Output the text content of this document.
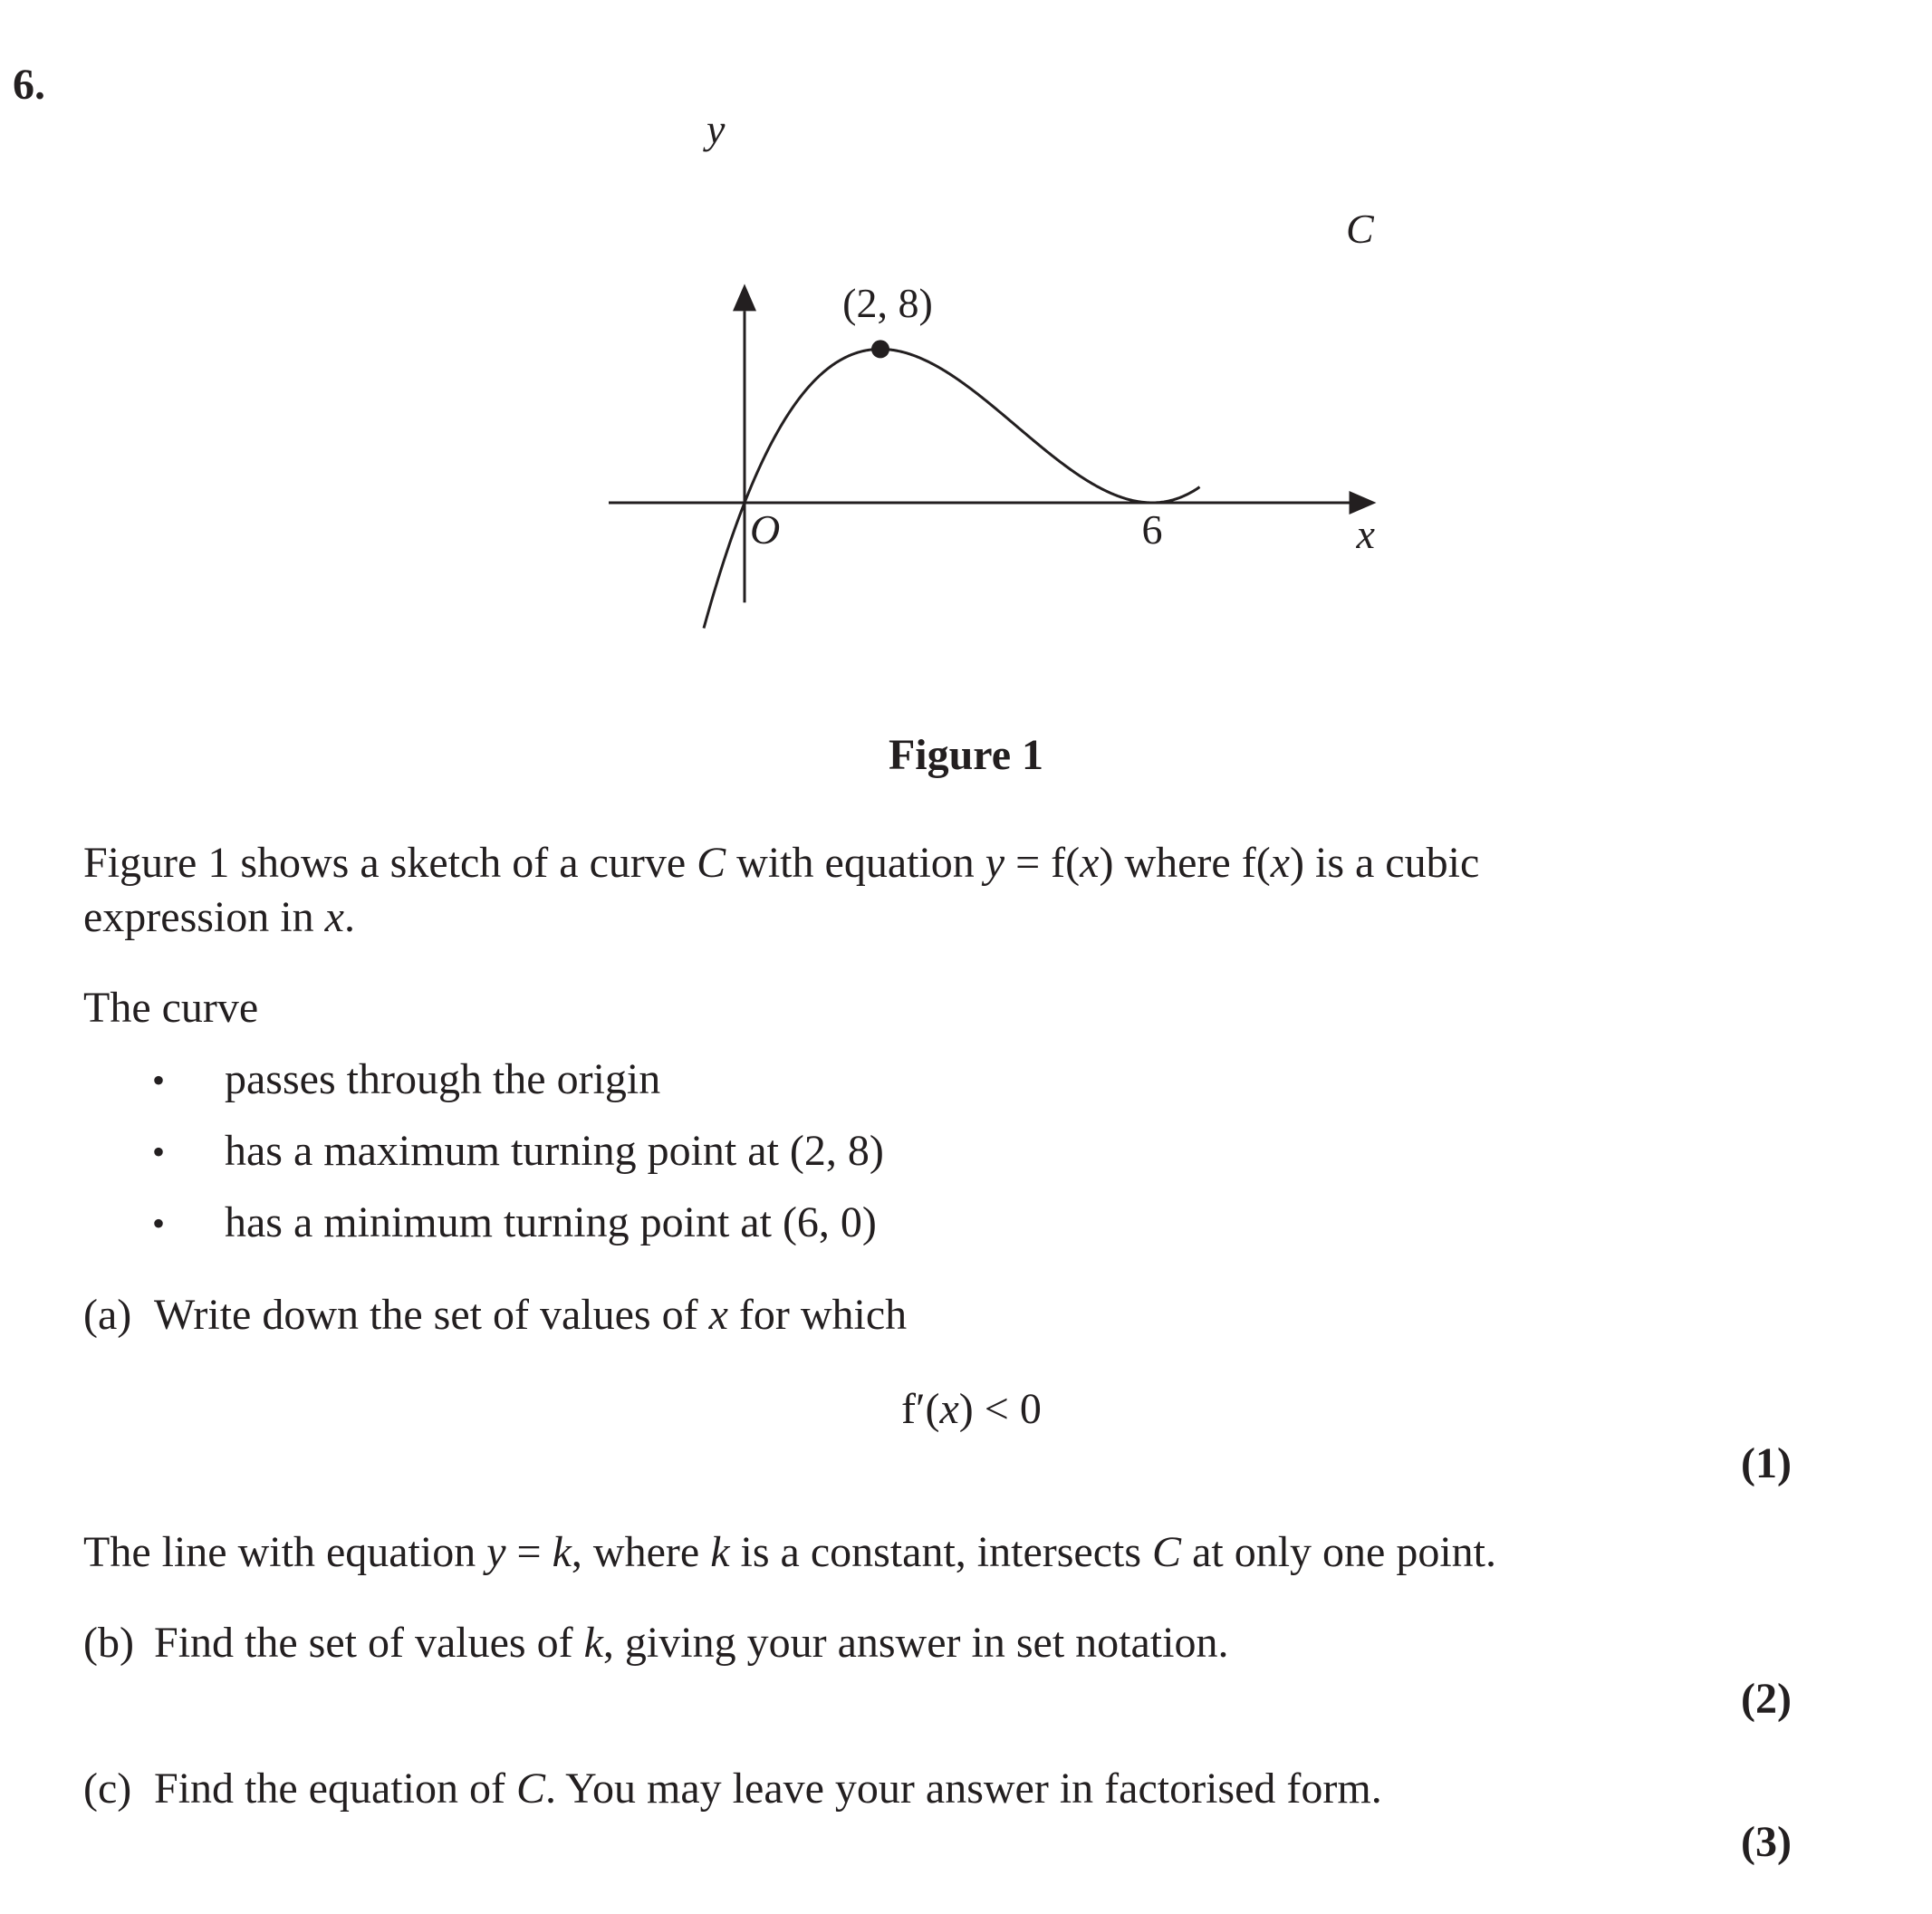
6.
y
x
O	6
C
(2, 8)
Figure 1
Figure 1 shows a sketch of a curve C with equation y = f(x) where f(x) is a cubic
expression in x.
The curve
• passes through the origin
• has a maximum turning point at (2, 8)
• has a minimum turning point at (6, 0)
(a) Write down the set of values of x for which
f′(x) < 0
(1)
The line with equation y = k, where k is a constant, intersects C at only one point.
(b) Find the set of values of k, giving your answer in set notation.
(2)
(c) Find the equation of C. You may leave your answer in factorised form.
(3)
